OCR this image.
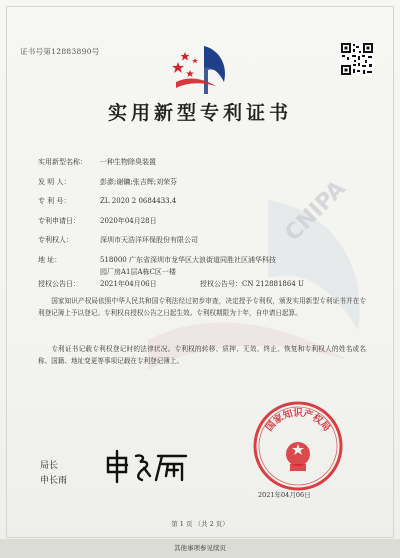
证书号第12883890号
实用新型专利证书
CNIPA
实用新型名称： 一种生物除臭装置
发 明 人：	彭澎;谢镛;张吉辉;刘荣芬
专 利 号：	ZL 2020 2 0684433.4
专利申请日：	2020年04月28日
专利权人：	深圳市天浩洋环保股份有限公司
地 址：	518000 广东省深圳市龙华区大浪街道同胜社区浦华科技
园厂房A1层A栋C区一楼
授权公告日：	2021年04月06日	授权公告号：CN 212881864 U
国家知识产权局依照中华人民共和国专利法经过初步审查，决定授予专利权，颁发实用新型专利证书并在专利登记簿上予以登记。专利权自授权公告之日起生效。专利权期限为十年，自申请日起算。
专利证书记载专利权登记时的法律状况。专利权的转移、质押、无效、终止、恢复和专利权人的姓名或名称、国籍、地址变更等事项记载在专利登记簿上。
国家知识产权局
局长
申长雨
2021年04月06日
第 1 页 （共 2 页）
其他事项参见续页
